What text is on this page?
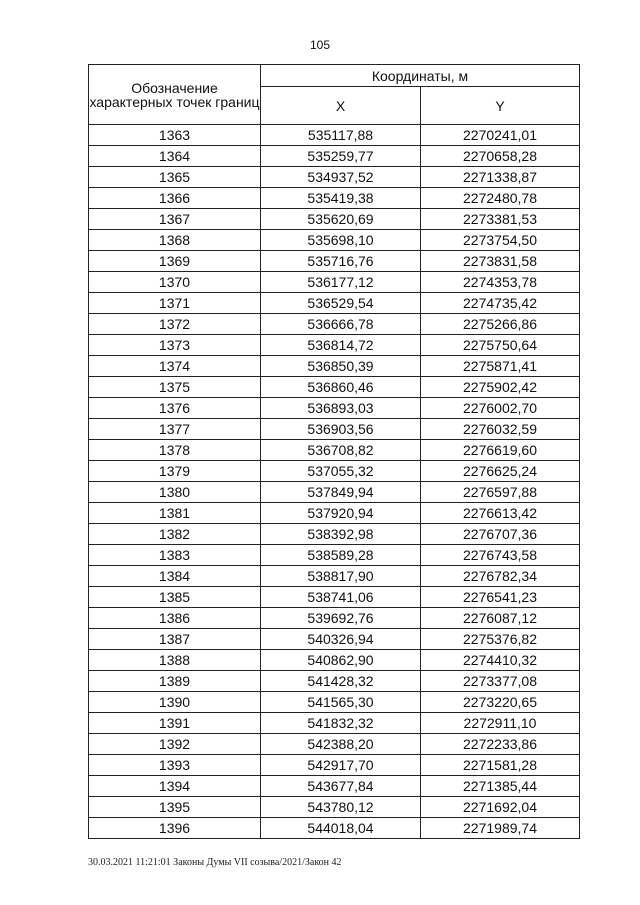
105
Обозначение характерных точек границ	Координаты, м	
	X	Y
1363	535117,88	2270241,01
1364	535259,77	2270658,28
1365	534937,52	2271338,87
1366	535419,38	2272480,78
1367	535620,69	2273381,53
1368	535698,10	2273754,50
1369	535716,76	2273831,58
1370	536177,12	2274353,78
1371	536529,54	2274735,42
1372	536666,78	2275266,86
1373	536814,72	2275750,64
1374	536850,39	2275871,41
1375	536860,46	2275902,42
1376	536893,03	2276002,70
1377	536903,56	2276032,59
1378	536708,82	2276619,60
1379	537055,32	2276625,24
1380	537849,94	2276597,88
1381	537920,94	2276613,42
1382	538392,98	2276707,36
1383	538589,28	2276743,58
1384	538817,90	2276782,34
1385	538741,06	2276541,23
1386	539692,76	2276087,12
1387	540326,94	2275376,82
1388	540862,90	2274410,32
1389	541428,32	2273377,08
1390	541565,30	2273220,65
1391	541832,32	2272911,10
1392	542388,20	2272233,86
1393	542917,70	2271581,28
1394	543677,84	2271385,44
1395	543780,12	2271692,04
1396	544018,04	2271989,74
30.03.2021 11:21:01 Законы Думы VII созыва/2021/Закон 42
